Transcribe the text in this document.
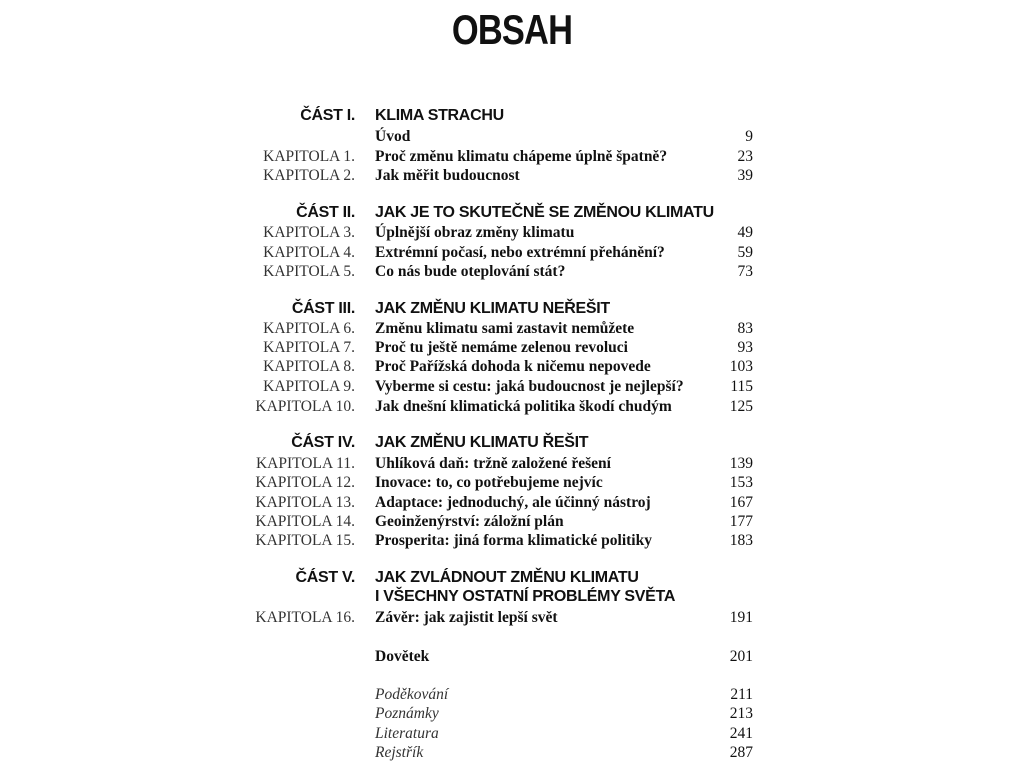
OBSAH
ČÁST I. KLIMA STRACHU
Úvod	9
KAPITOLA 1. Proč změnu klimatu chápeme úplně špatně?	23
KAPITOLA 2. Jak měřit budoucnost	39
ČÁST II. JAK JE TO SKUTEČNĚ SE ZMĚNOU KLIMATU
KAPITOLA 3. Úplnější obraz změny klimatu	49
KAPITOLA 4. Extrémní počasí, nebo extrémní přehánění?	59
KAPITOLA 5. Co nás bude oteplování stát?	73
ČÁST III. JAK ZMĚNU KLIMATU NEŘEŠIT
KAPITOLA 6. Změnu klimatu sami zastavit nemůžete	83
KAPITOLA 7. Proč tu ještě nemáme zelenou revoluci	93
KAPITOLA 8. Proč Pařížská dohoda k ničemu nepovede	103
KAPITOLA 9. Vyberme si cestu: jaká budoucnost je nejlepší?	115
KAPITOLA 10. Jak dnešní klimatická politika škodí chudým	125
ČÁST IV. JAK ZMĚNU KLIMATU ŘEŠIT
KAPITOLA 11. Uhlíková daň: tržně založené řešení	139
KAPITOLA 12. Inovace: to, co potřebujeme nejvíc	153
KAPITOLA 13. Adaptace: jednoduchý, ale účinný nástroj	167
KAPITOLA 14. Geoinženýrství: záložní plán	177
KAPITOLA 15. Prosperita: jiná forma klimatické politiky	183
ČÁST V. JAK ZVLÁDNOUT ZMĚNU KLIMATU
I VŠECHNY OSTATNÍ PROBLÉMY SVĚTA
KAPITOLA 16. Závěr: jak zajistit lepší svět	191
Dovětek	201
Poděkování	211
Poznámky	213
Literatura	241
Rejstřík	287
